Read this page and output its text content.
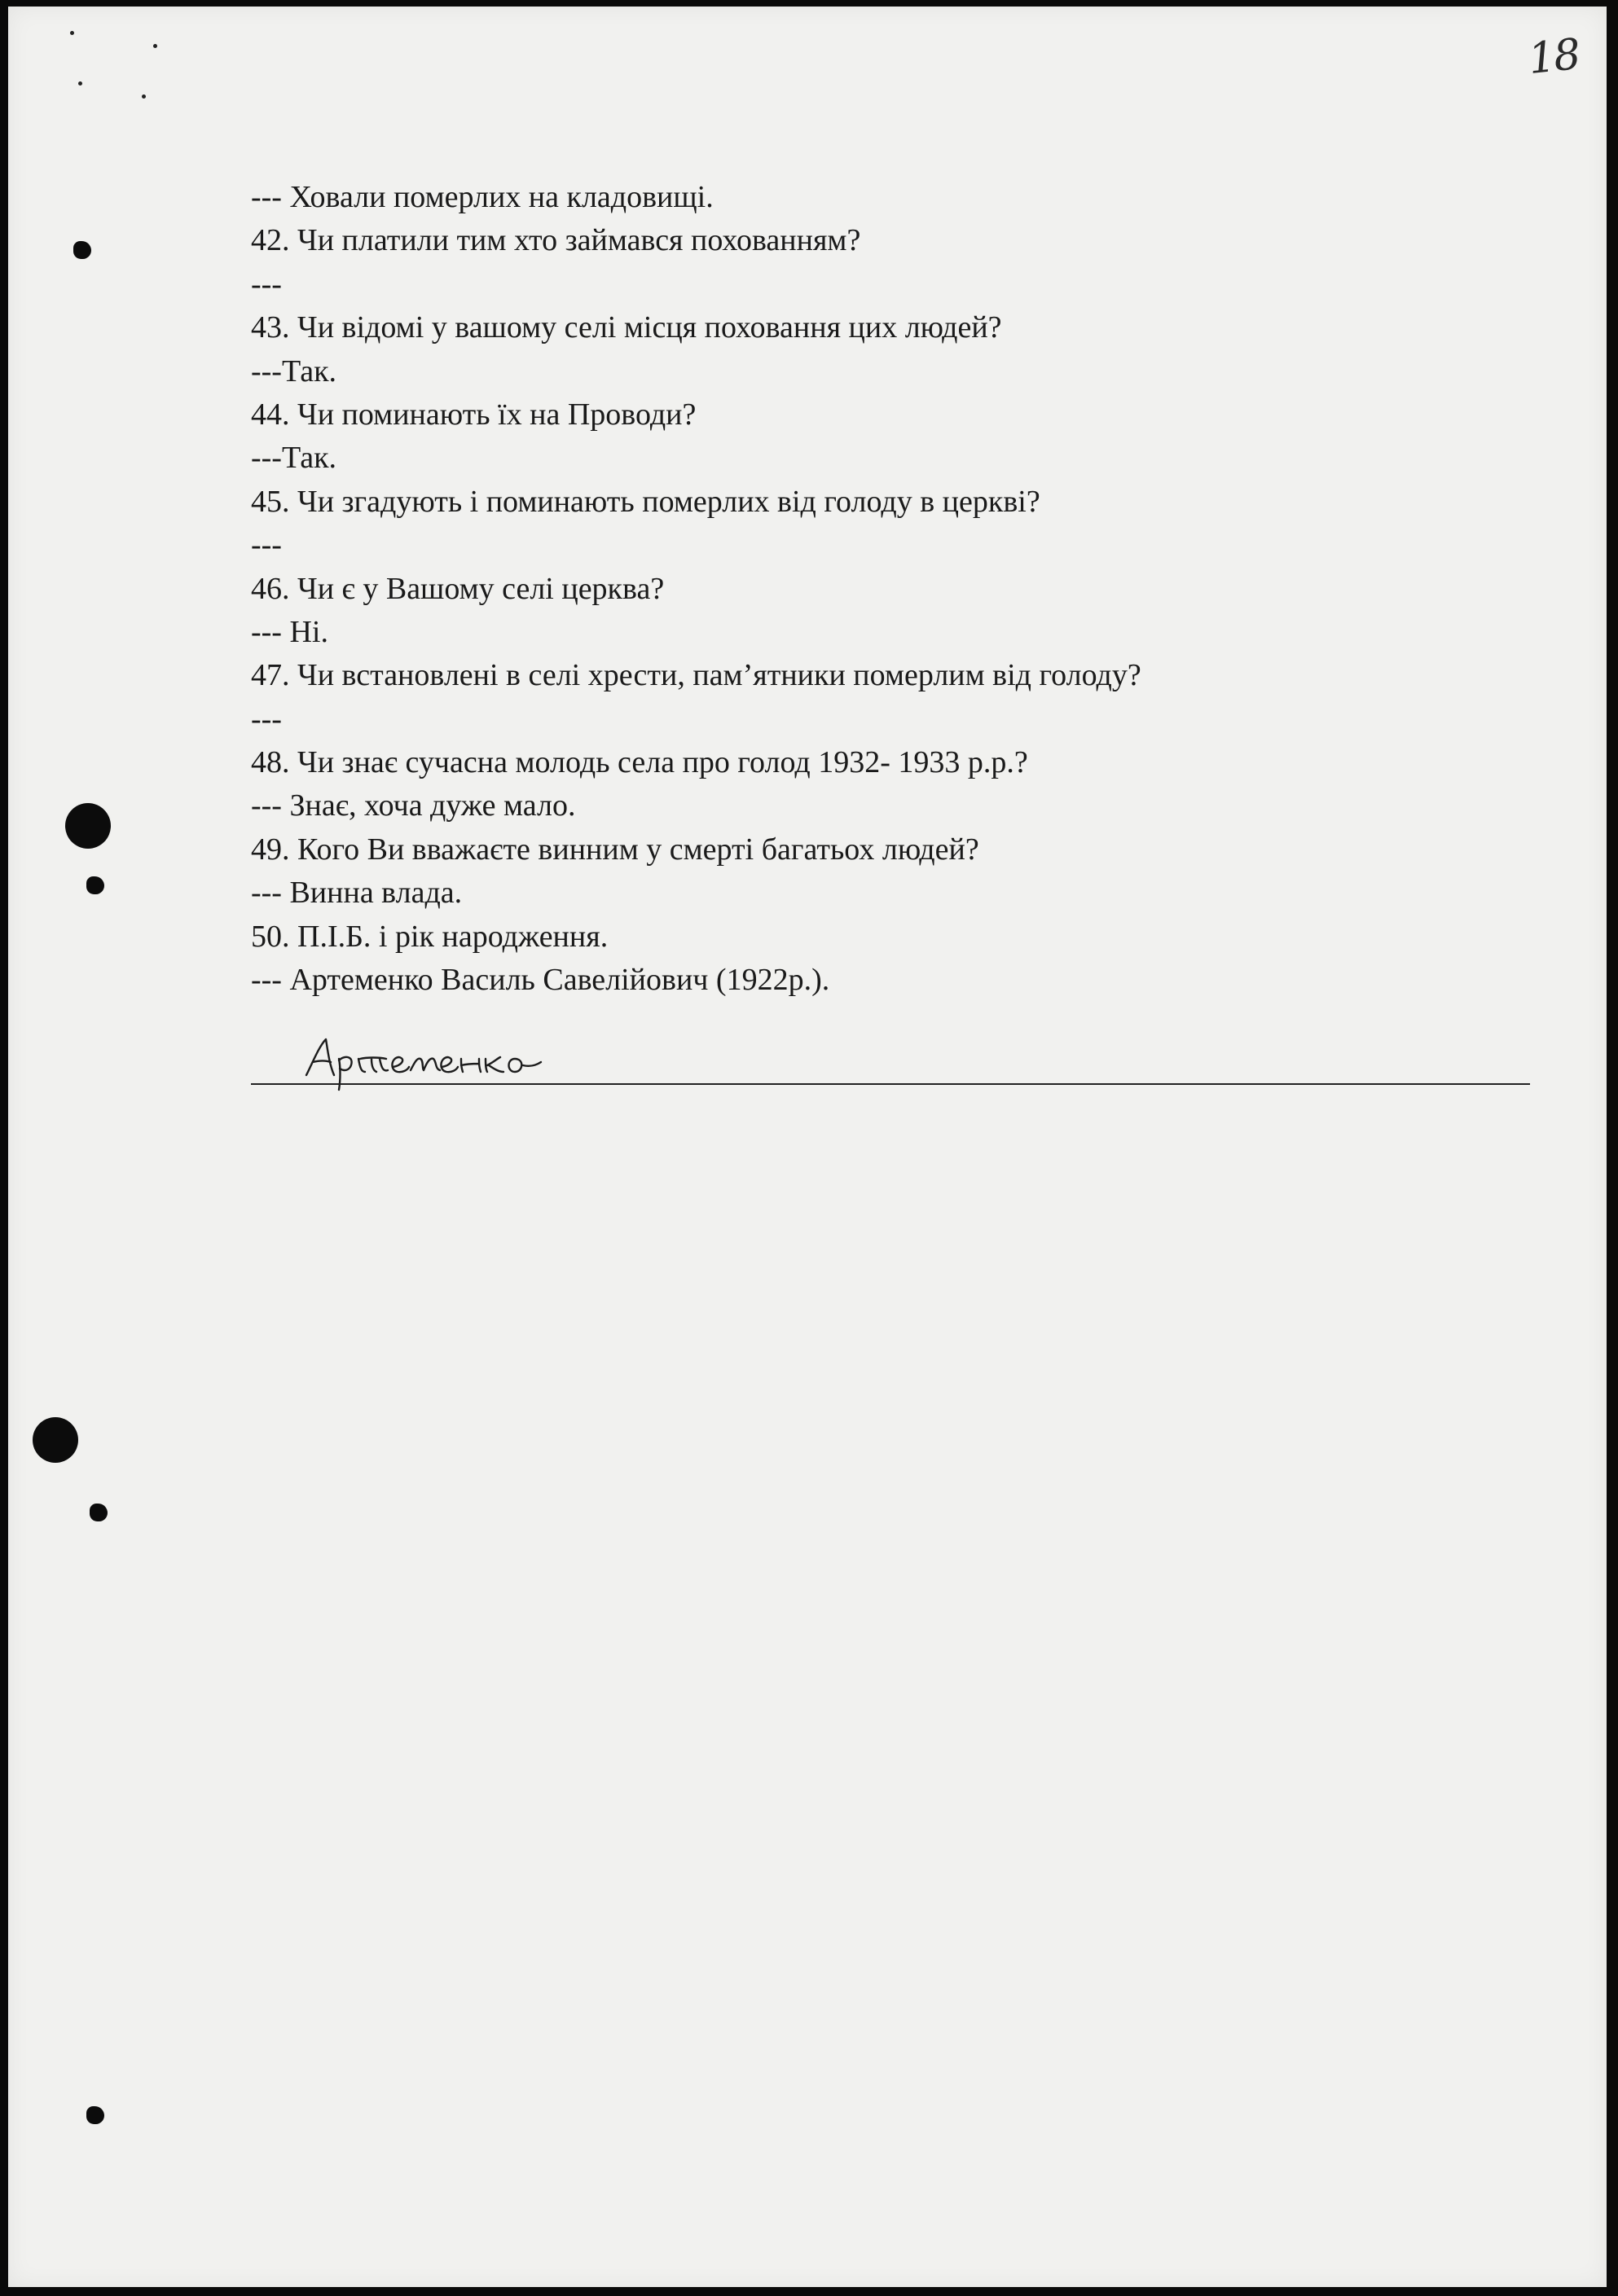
18
--- Ховали померлих на кладовищі.
42. Чи платили тим хто займався похованням?
---
43. Чи відомі у вашому селі місця поховання цих людей?
---Так.
44. Чи поминають їх на Проводи?
---Так.
45. Чи згадують і поминають померлих від голоду в церкві?
---
46. Чи є у Вашому селі церква?
--- Ні.
47. Чи встановлені в селі хрести, пам’ятники померлим від голоду?
---
48. Чи знає сучасна молодь села про голод 1932- 1933 р.р.?
--- Знає, хоча дуже мало.
49. Кого Ви вважаєте винним у смерті багатьох людей?
--- Винна влада.
50. П.І.Б. і рік народження.
--- Артеменко Василь Савелійович (1922р.).
